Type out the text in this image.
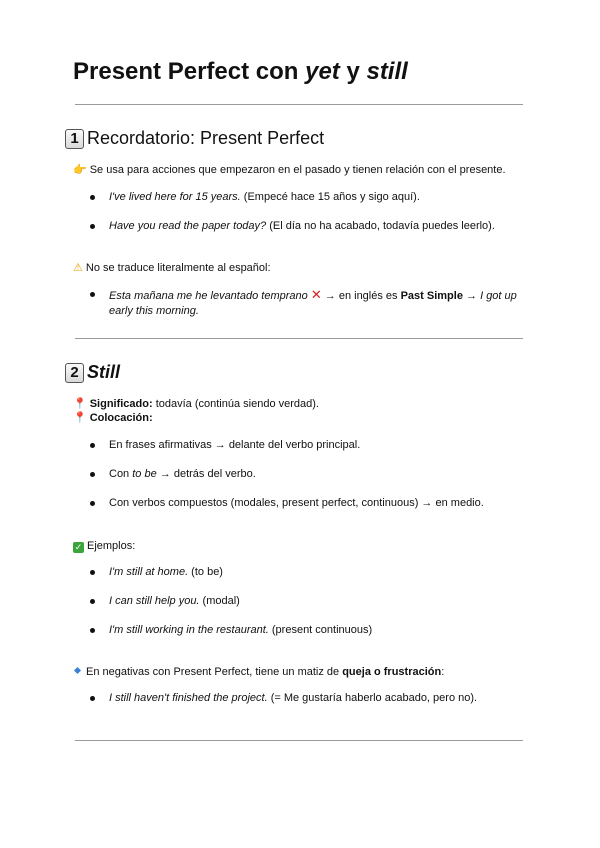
Present Perfect con yet y still
1 Recordatorio: Present Perfect
👉 Se usa para acciones que empezaron en el pasado y tienen relación con el presente.
I've lived here for 15 years. (Empecé hace 15 años y sigo aquí).
Have you read the paper today? (El día no ha acabado, todavía puedes leerlo).
⚠ No se traduce literalmente al español:
Esta mañana me he levantado temprano ✕ → en inglés es Past Simple → I got up early this morning.
2 Still
📍 Significado: todavía (continúa siendo verdad).
📍 Colocación:
En frases afirmativas → delante del verbo principal.
Con to be → detrás del verbo.
Con verbos compuestos (modales, present perfect, continuous) → en medio.
✓ Ejemplos:
I'm still at home. (to be)
I can still help you. (modal)
I'm still working in the restaurant. (present continuous)
En negativas con Present Perfect, tiene un matiz de queja o frustración:
I still haven't finished the project. (= Me gustaría haberlo acabado, pero no).
